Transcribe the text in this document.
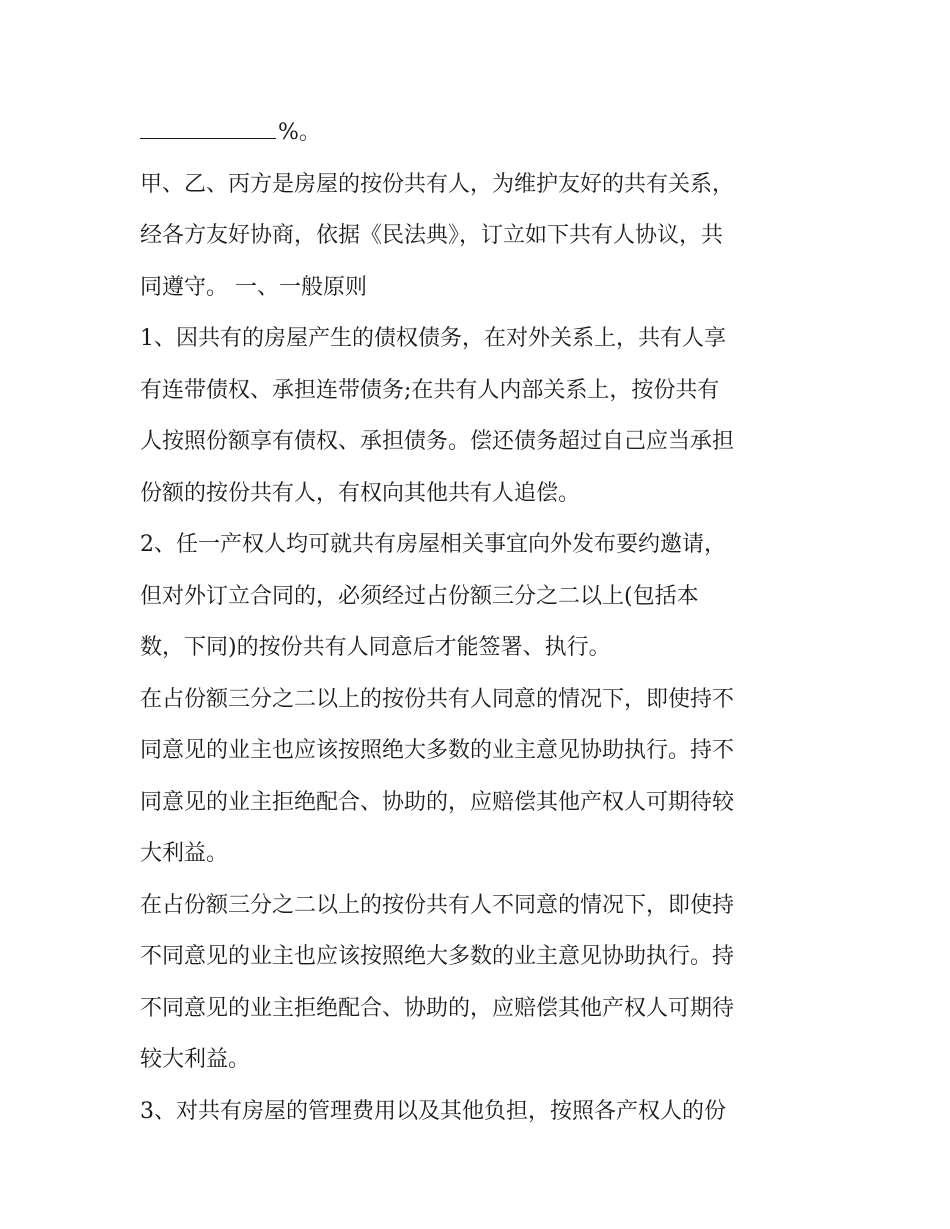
%。
甲、乙、丙方是房屋的按份共有人，为维护友好的共有关系，
经各方友好协商，依据《民法典》，订立如下共有人协议，共
同遵守。 一、一般原则
1、因共有的房屋产生的债权债务，在对外关系上，共有人享
有连带债权、承担连带债务;在共有人内部关系上，按份共有
人按照份额享有债权、承担债务。偿还债务超过自己应当承担
份额的按份共有人，有权向其他共有人追偿。
2、任一产权人均可就共有房屋相关事宜向外发布要约邀请，
但对外订立合同的，必须经过占份额三分之二以上(包括本
数，下同)的按份共有人同意后才能签署、执行。
在占份额三分之二以上的按份共有人同意的情况下，即使持不
同意见的业主也应该按照绝大多数的业主意见协助执行。持不
同意见的业主拒绝配合、协助的，应赔偿其他产权人可期待较
大利益。
在占份额三分之二以上的按份共有人不同意的情况下，即使持
不同意见的业主也应该按照绝大多数的业主意见协助执行。持
不同意见的业主拒绝配合、协助的，应赔偿其他产权人可期待
较大利益。
3、对共有房屋的管理费用以及其他负担，按照各产权人的份
